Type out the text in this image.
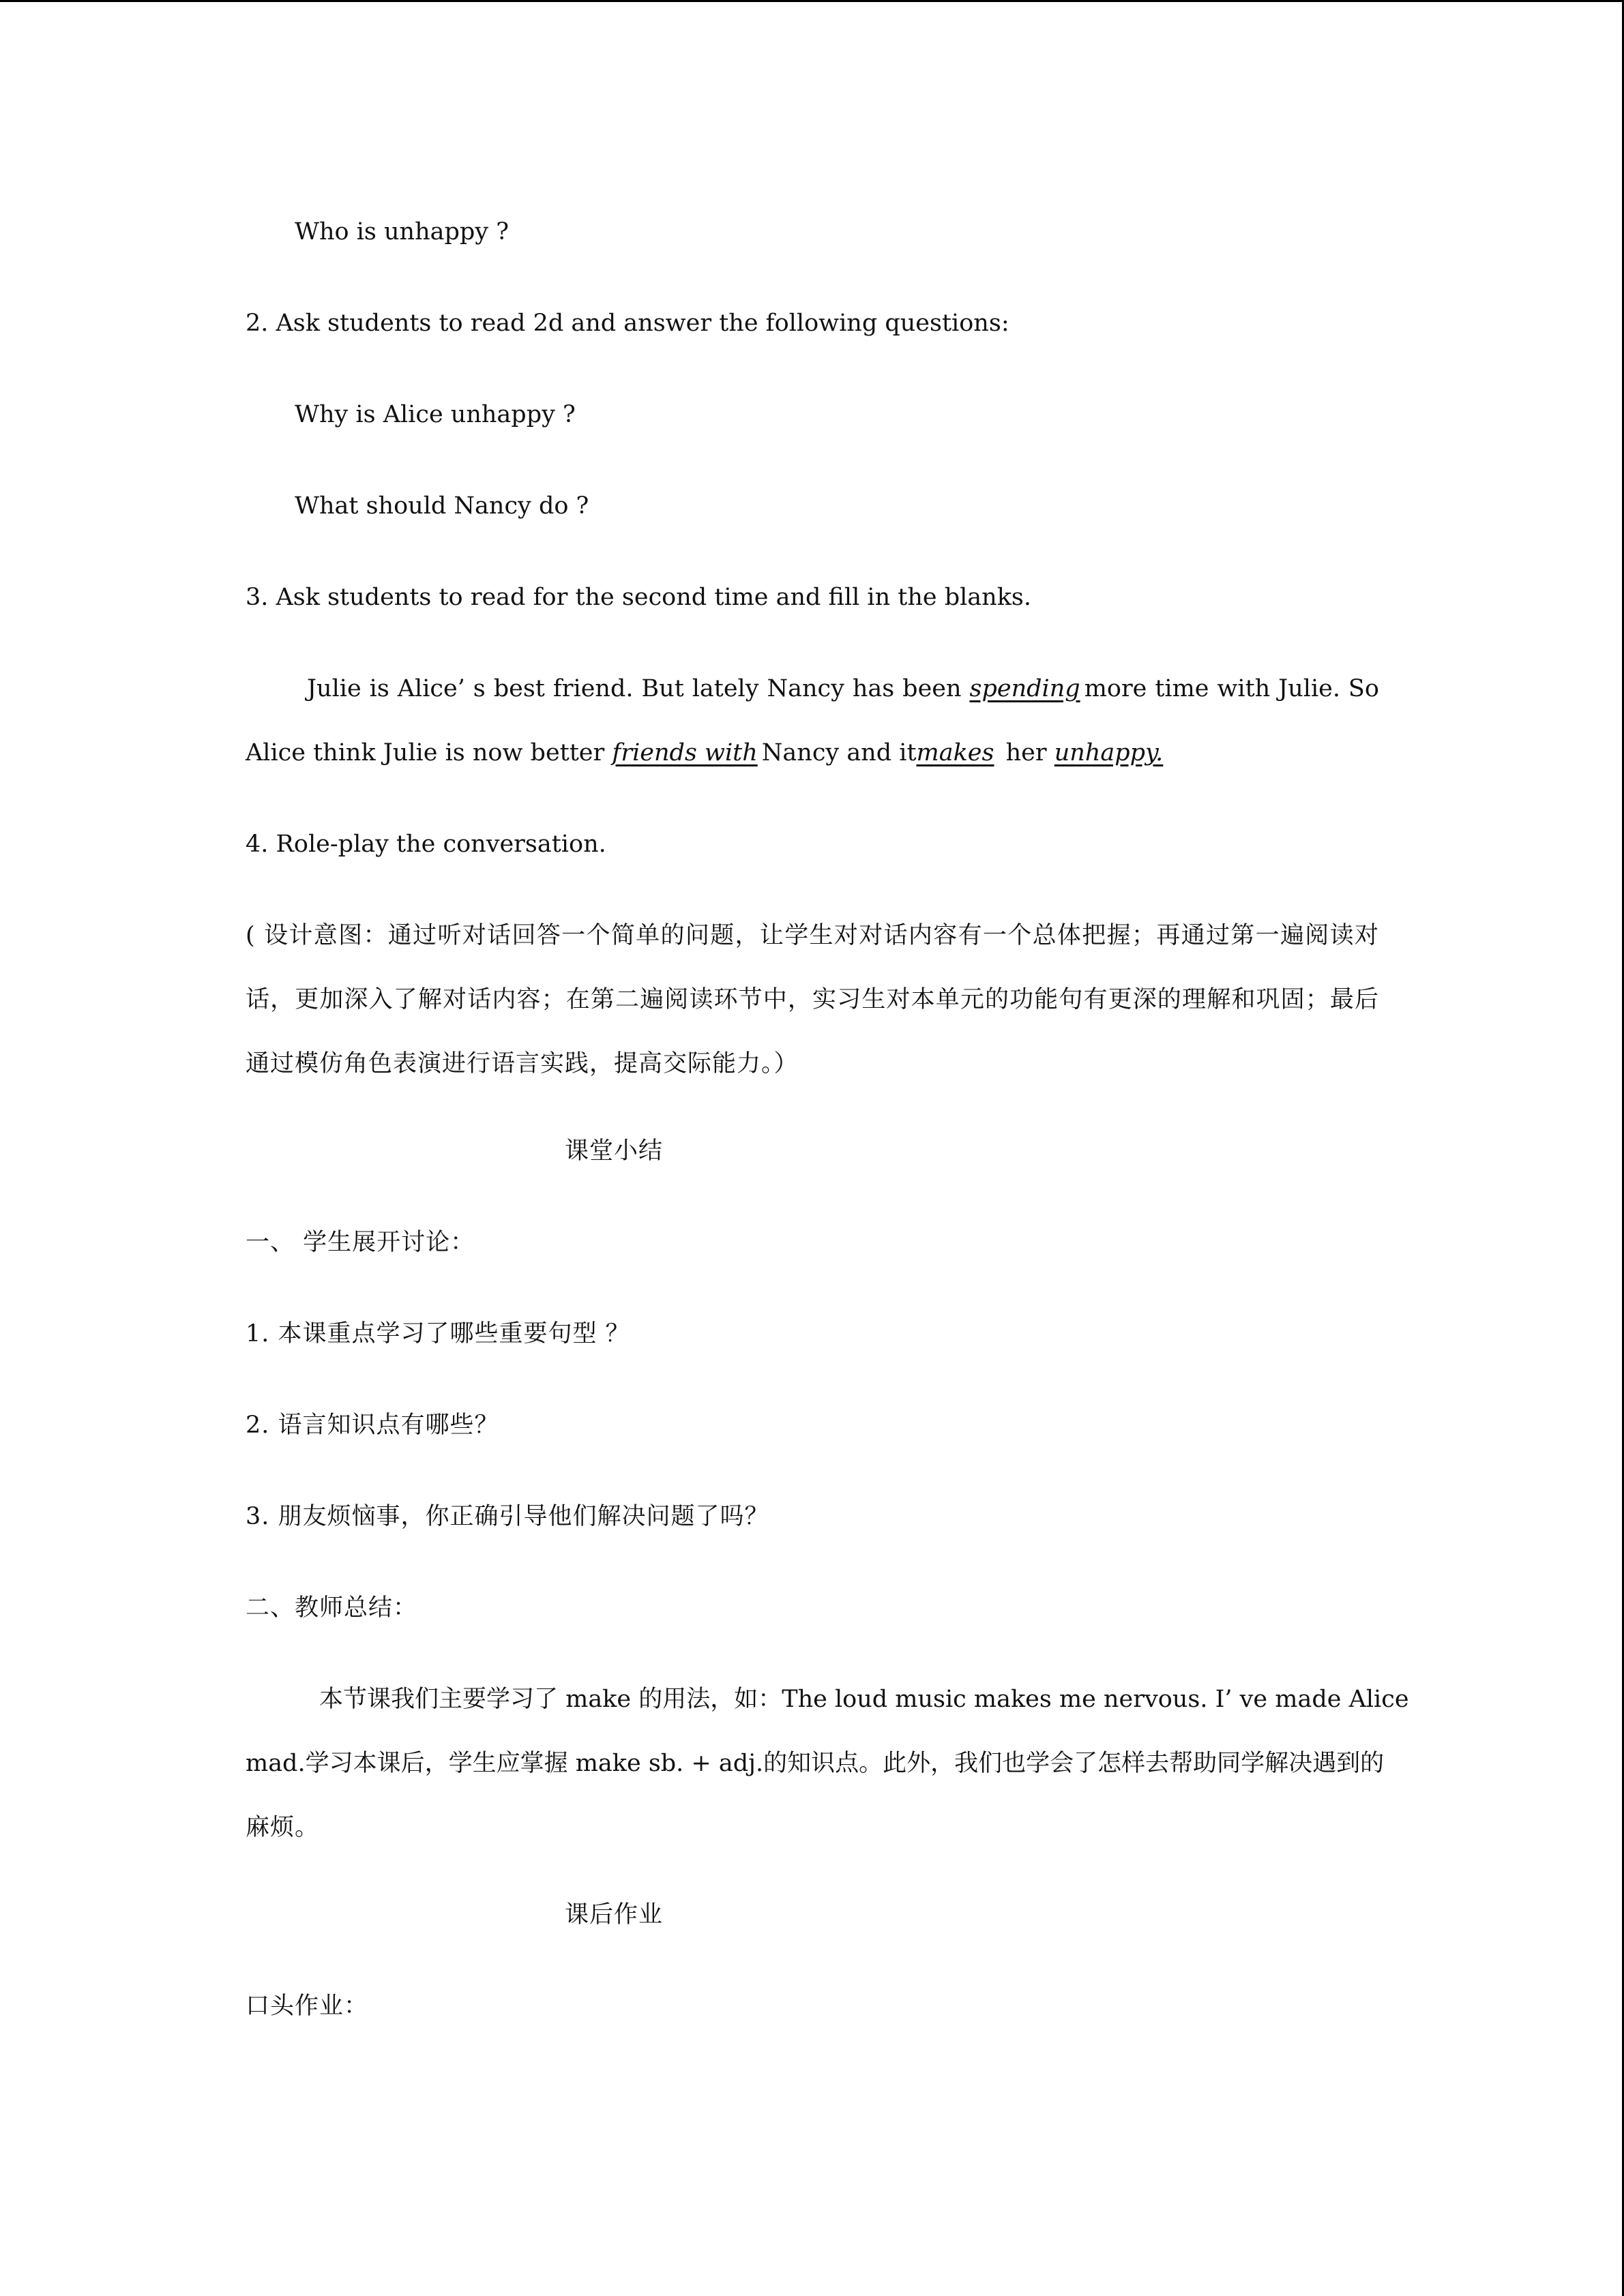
Who is unhappy ?
2. Ask students to read 2d and answer the following questions:
Why is Alice unhappy ?
What should Nancy do ?
3. Ask students to read for the second time and fill in the blanks.
Julie is Alice’ s best friend. But lately Nancy has been spending more time with Julie. So
Alice think Julie is now better friends with Nancy and itmakes her unhappy.
4. Role-play the conversation.
( 设计意图：通过听对话回答一个简单的问题，让学生对对话内容有一个总体把握；再通过第一遍阅读对
话，更加深入了解对话内容；在第二遍阅读环节中，实习生对本单元的功能句有更深的理解和巩固；最后
通过模仿角色表演进行语言实践，提高交际能力。）
课堂小结
一、 学生展开讨论：
1. 本课重点学习了哪些重要句型 ？
2. 语言知识点有哪些？
3. 朋友烦恼事，你正确引导他们解决问题了吗？
二、教师总结：
本节课我们主要学习了 make 的用法，如：The loud music makes me nervous. I’ ve made Alice
mad.学习本课后，学生应掌握 make sb. + adj.的知识点。此外，我们也学会了怎样去帮助同学解决遇到的
麻烦。
课后作业
口头作业：
